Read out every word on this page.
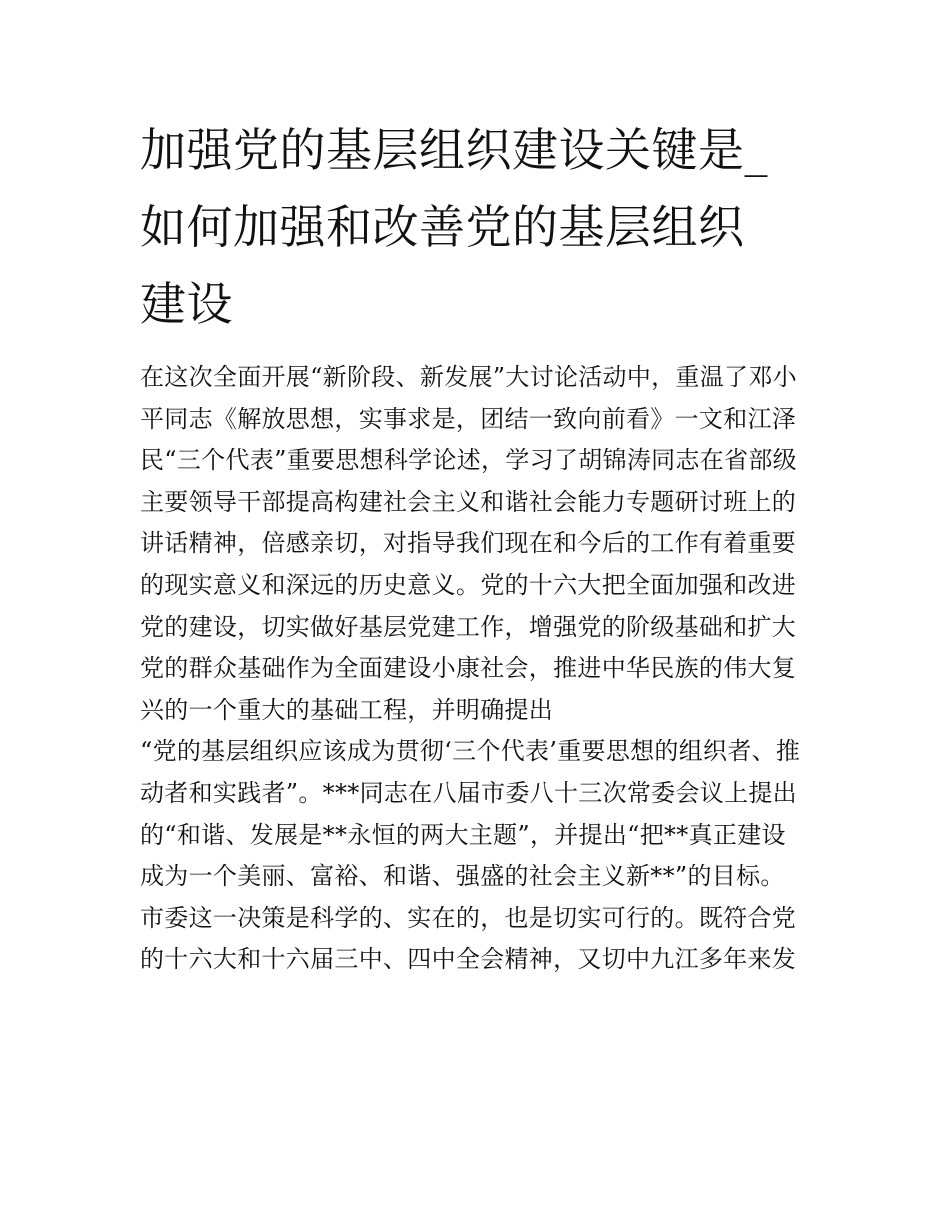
加强党的基层组织建设关键是_
如何加强和改善党的基层组织
建设
在这次全面开展“新阶段、新发展”大讨论活动中，重温了邓小
平同志《解放思想，实事求是，团结一致向前看》一文和江泽
民“三个代表”重要思想科学论述，学习了胡锦涛同志在省部级
主要领导干部提高构建社会主义和谐社会能力专题研讨班上的
讲话精神，倍感亲切，对指导我们现在和今后的工作有着重要
的现实意义和深远的历史意义。党的十六大把全面加强和改进
党的建设，切实做好基层党建工作，增强党的阶级基础和扩大
党的群众基础作为全面建设小康社会，推进中华民族的伟大复
兴的一个重大的基础工程，并明确提出
“党的基层组织应该成为贯彻‘三个代表’重要思想的组织者、推
动者和实践者”。***同志在八届市委八十三次常委会议上提出
的“和谐、发展是**永恒的两大主题”，并提出“把**真正建设
成为一个美丽、富裕、和谐、强盛的社会主义新**”的目标。
市委这一决策是科学的、实在的，也是切实可行的。既符合党
的十六大和十六届三中、四中全会精神，又切中九江多年来发
